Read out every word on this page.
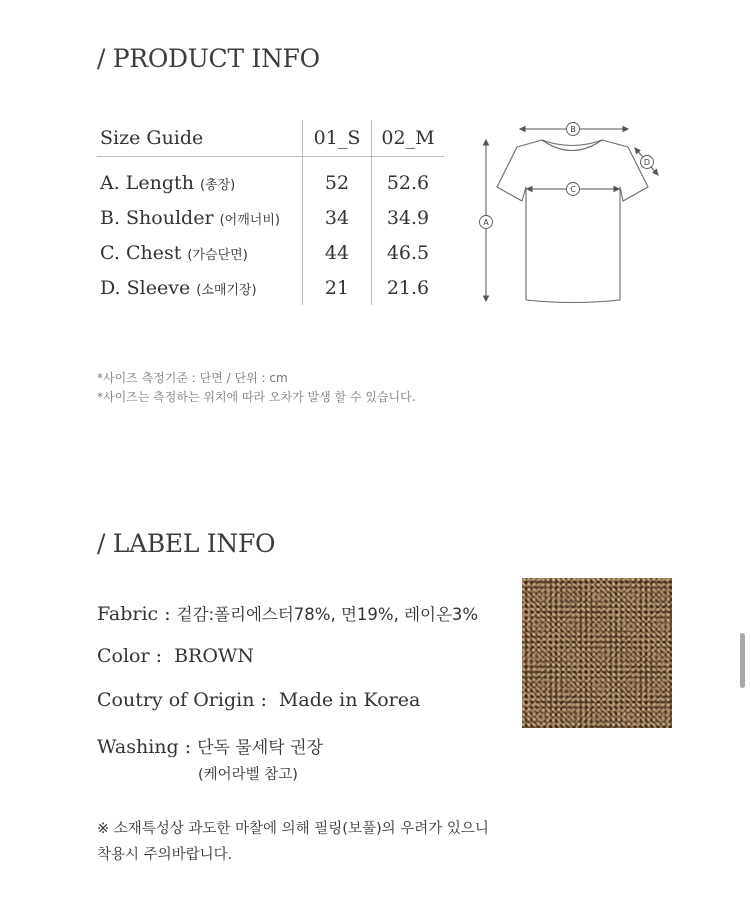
/ PRODUCT INFO
Size Guide	01_S	02_M
A. Length (총장)	52	52.6
B. Shoulder (어깨너비)	34	34.9
C. Chest (가슴단면)	44	46.5
D. Sleeve (소매기장)	21	21.6
B
C
A
D
*사이즈 측정기준 : 단면 / 단위 : cm
*사이즈는 측정하는 위치에 따라 오차가 발생 할 수 있습니다.
/ LABEL INFO
Fabric : 겉감:폴리에스터78%, 면19%, 레이온3%
Color : BROWN
Coutry of Origin : Made in Korea
Washing : 단독 물세탁 권장
(케어라벨 참고)
※ 소재특성상 과도한 마찰에 의해 필링(보풀)의 우려가 있으니
착용시 주의바랍니다.
